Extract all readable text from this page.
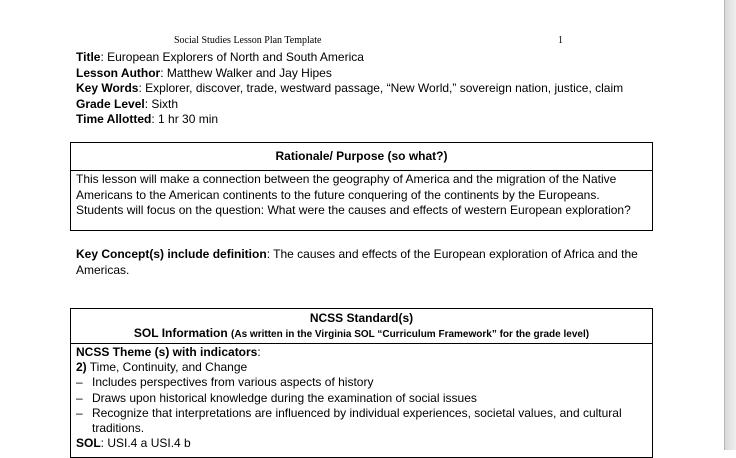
Social Studies Lesson Plan Template	1
Title: European Explorers of North and South America
Lesson Author: Matthew Walker and Jay Hipes
Key Words: Explorer, discover, trade, westward passage, “New World,” sovereign nation, justice, claim
Grade Level: Sixth
Time Allotted: 1 hr 30 min
Rationale/ Purpose (so what?)
This lesson will make a connection between the geography of America and the migration of the Native Americans to the American continents to the future conquering of the continents by the Europeans. Students will focus on the question: What were the causes and effects of western European exploration?
Key Concept(s) include definition: The causes and effects of the European exploration of Africa and the Americas.
NCSS Standard(s)
SOL Information (As written in the Virginia SOL “Curriculum Framework” for the grade level)
NCSS Theme (s) with indicators:
2) Time, Continuity, and Change
– Includes perspectives from various aspects of history
– Draws upon historical knowledge during the examination of social issues
– Recognize that interpretations are influenced by individual experiences, societal values, and cultural traditions.
SOL: USI.4 a USI.4 b
